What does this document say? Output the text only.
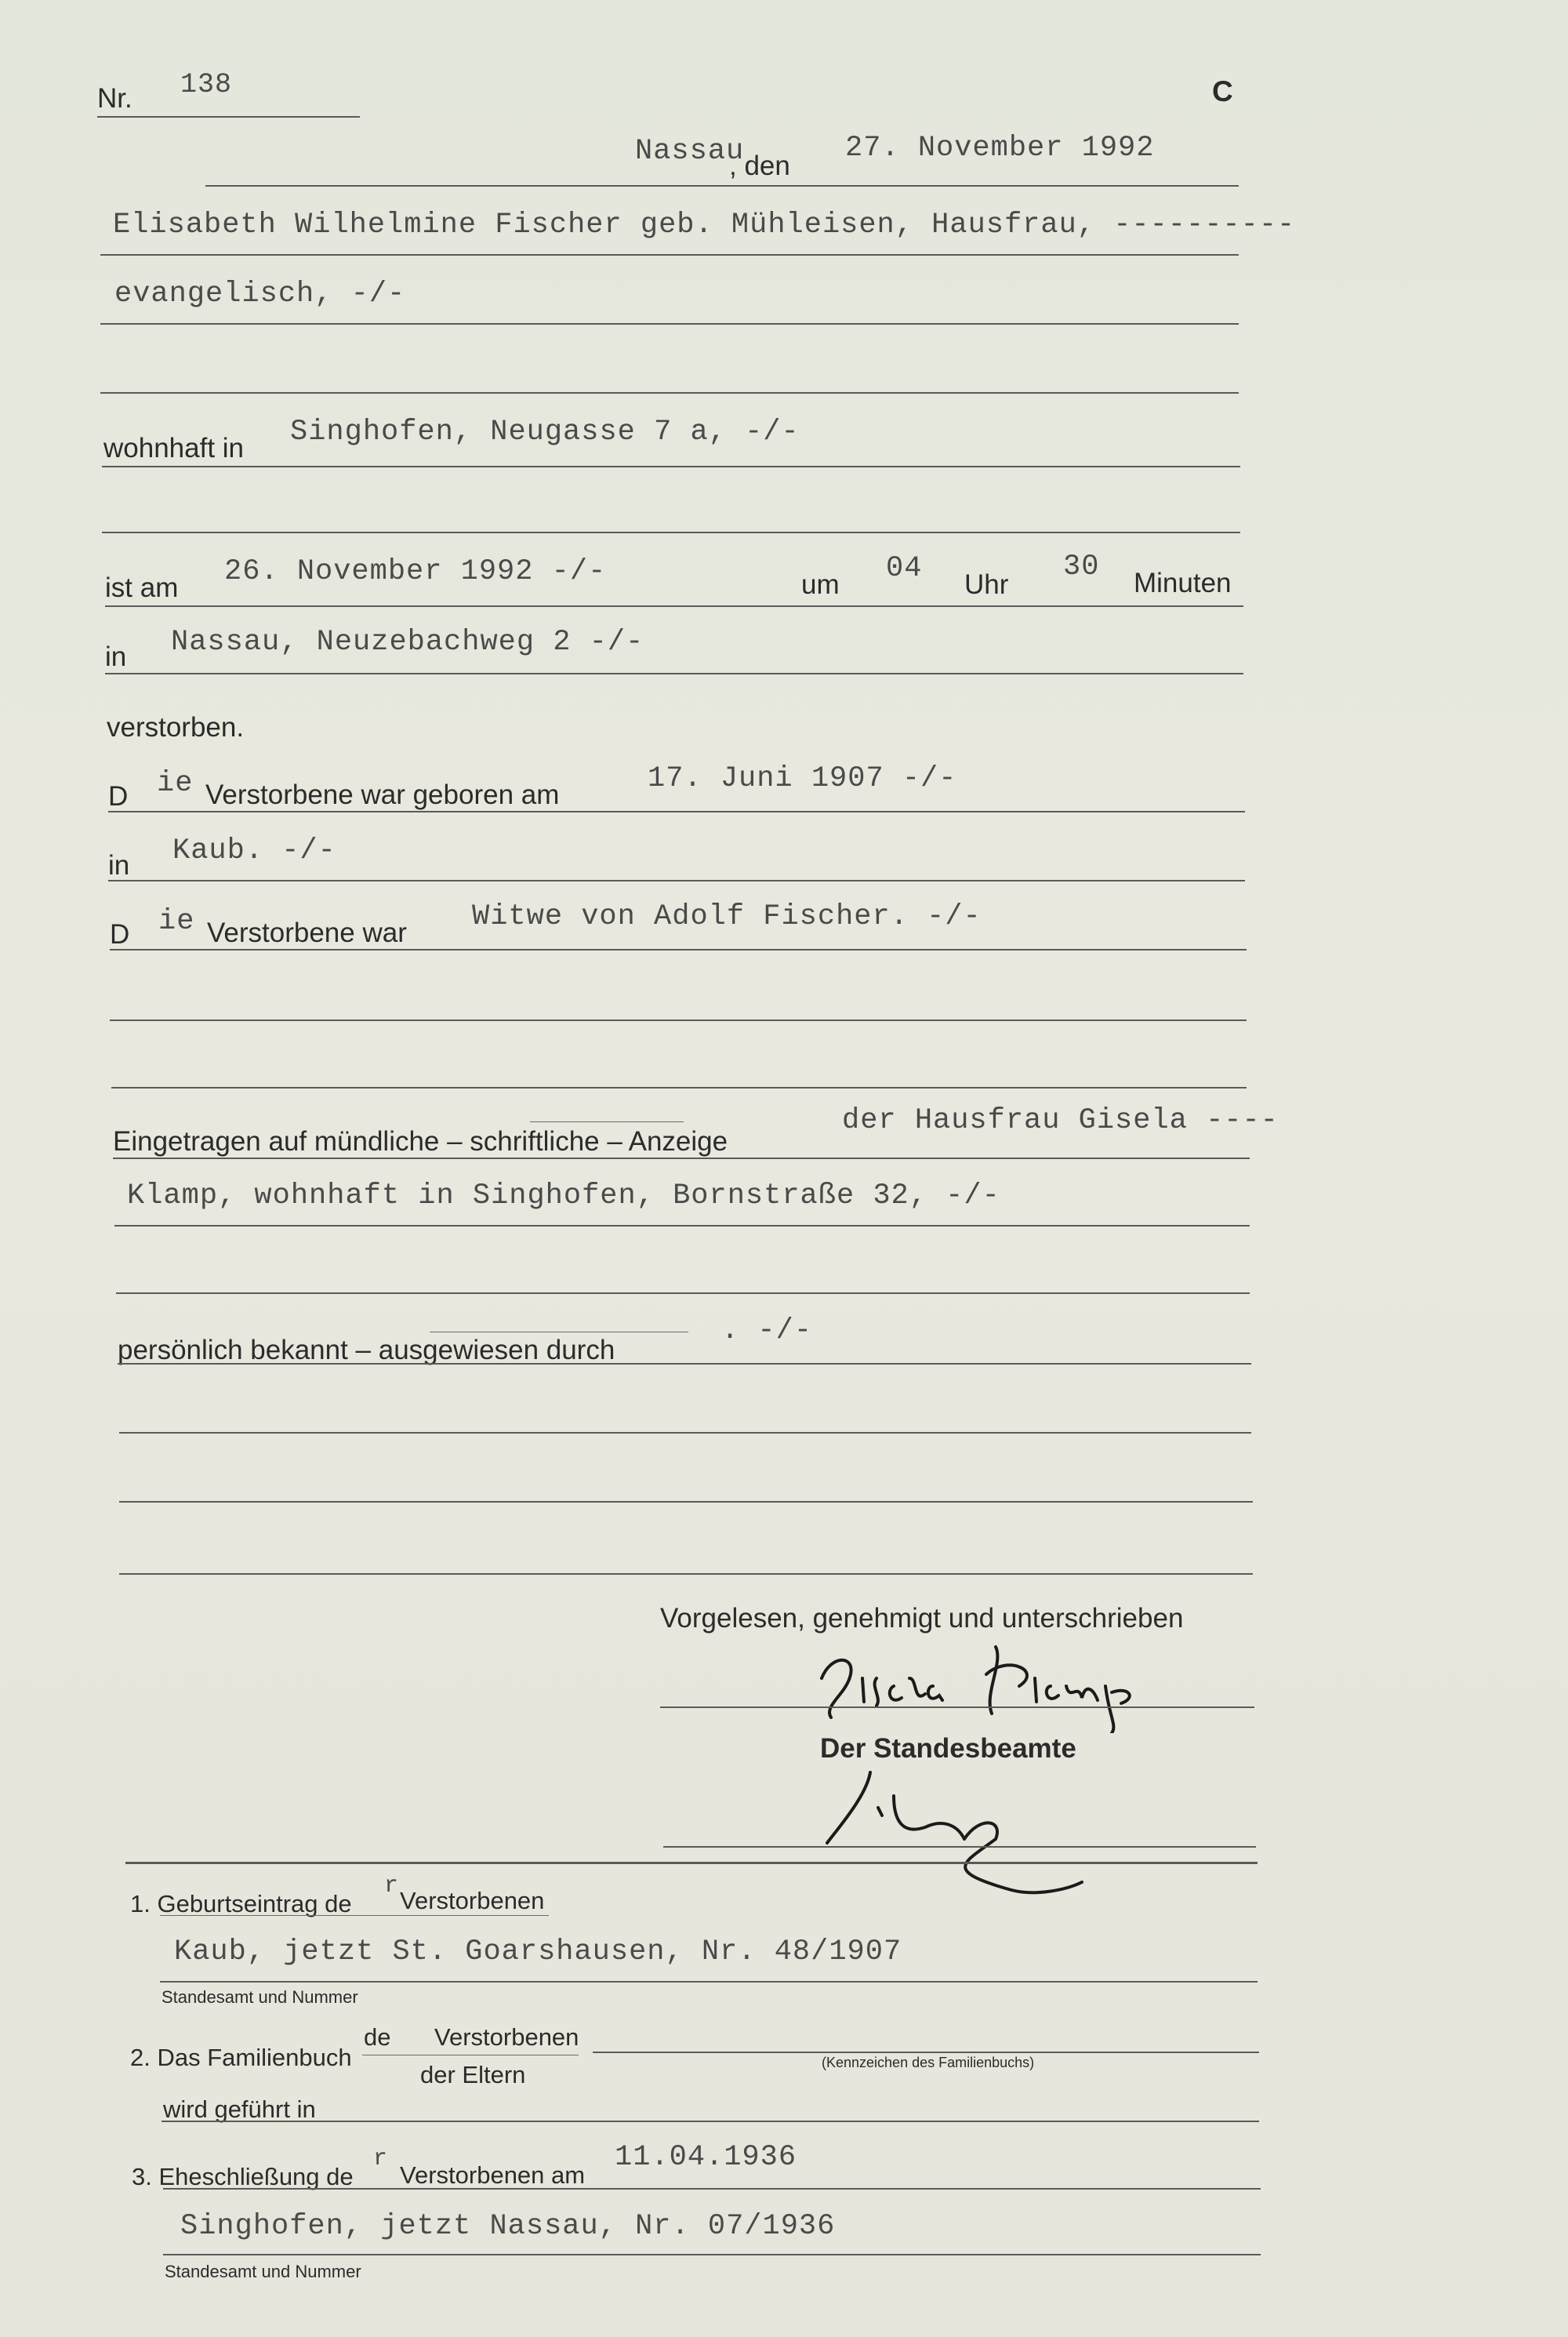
Nr. 138	C
Nassau
, den
27. November 1992
Elisabeth Wilhelmine Fischer geb. Mühleisen, Hausfrau, ----------
evangelisch, -/-
wohnhaft in Singhofen, Neugasse 7 a, -/-
ist am 26. November 1992 -/-	um 04 Uhr
30 Minuten
in Nassau, Neuzebachweg 2 -/-
verstorben.
D ie Verstorbene war geboren am	17. Juni 1907 -/-
in Kaub. -/-
D ie Verstorbene war Witwe von Adolf Fischer. -/-
Eingetragen auf mündliche – schriftliche – Anzeige
der Hausfrau Gisela ----
Klamp, wohnhaft in Singhofen, Bornstraße 32, -/-
persönlich bekannt – ausgewiesen durch
. -/-
Vorgelesen, genehmigt und unterschrieben
Der Standesbeamte
1. Geburtseintrag de
r
Verstorbenen
Kaub, jetzt St. Goarshausen, Nr. 48/1907
Standesamt und Nummer
2. Das Familienbuch
de Verstorbenen
der Eltern	(Kennzeichen des Familienbuchs)
wird geführt in
3. Eheschließung de
r
Verstorbenen am
11.04.1936
Singhofen, jetzt Nassau, Nr. 07/1936
Standesamt und Nummer
